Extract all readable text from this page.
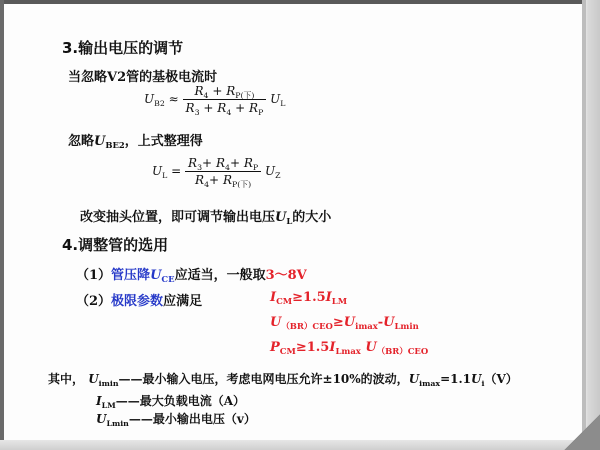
3.输出电压的调节
当忽略V2管的基极电流时
$U_{B2} \approx \frac{R_4 + R_{P(下)}}{R_3 + R_4 + R_P} U_L$
忽略$U_{BE2}$，上式整理得
$U_L = \frac{R_3+ R_4+ R_P}{R_4+ R_{P(下)}} U_Z$
改变抽头位置，即可调节输出电压$U_L$的大小
4.调整管的选用
（1）管压降$U_{CE}$应适当，一般取3～8V
（2）极限参数应满足	$I_{CM}\ge 1.5I_{LM}$
$U_{(BR)CEO}\ge U_{imax}-U_{Lmin}$
$P_{CM}\ge 1.5I_{Lmax}$ $U_{(BR)CEO}$
其中， $U_{imin}——$最小输入电压，考虑电网电压允许±10%的波动，$U_{imax}=1.1U_i(V)$
$I_{LM}——$最大负载电流（A）
$U_{Lmin}——$最小输出电压（v）
